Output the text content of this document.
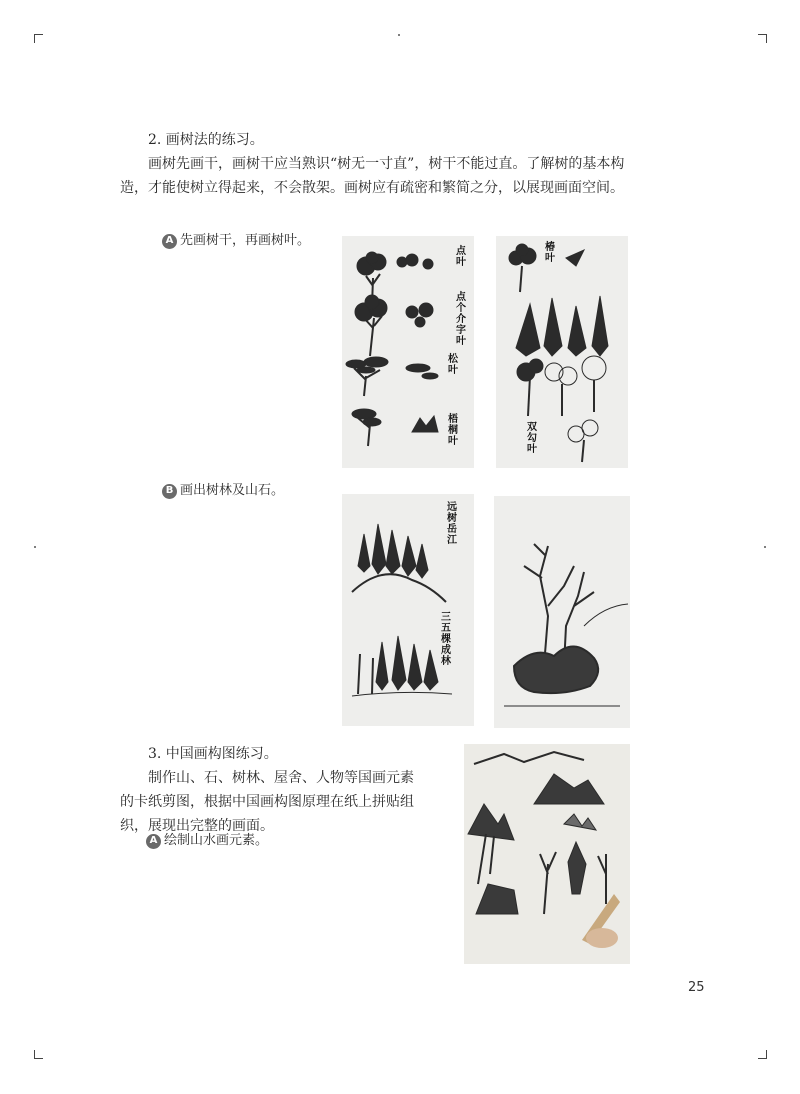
2. 画树法的练习。
画树先画干，画树干应当熟识“树无一寸直”，树干不能过直。了解树的基本构
造，才能使树立得起来，不会散架。画树应有疏密和繁简之分，以展现画面空间。
A 先画树干，再画树叶。
点叶
点个介字叶
松叶
梧桐叶
椿叶
双勾叶
B 画出树林及山石。
远树岳江
三五棵成林
3. 中国画构图练习。
制作山、石、树林、屋舍、人物等国画元素
的卡纸剪图，根据中国画构图原理在纸上拼贴组
织，展现出完整的画面。
A 绘制山水画元素。
25
